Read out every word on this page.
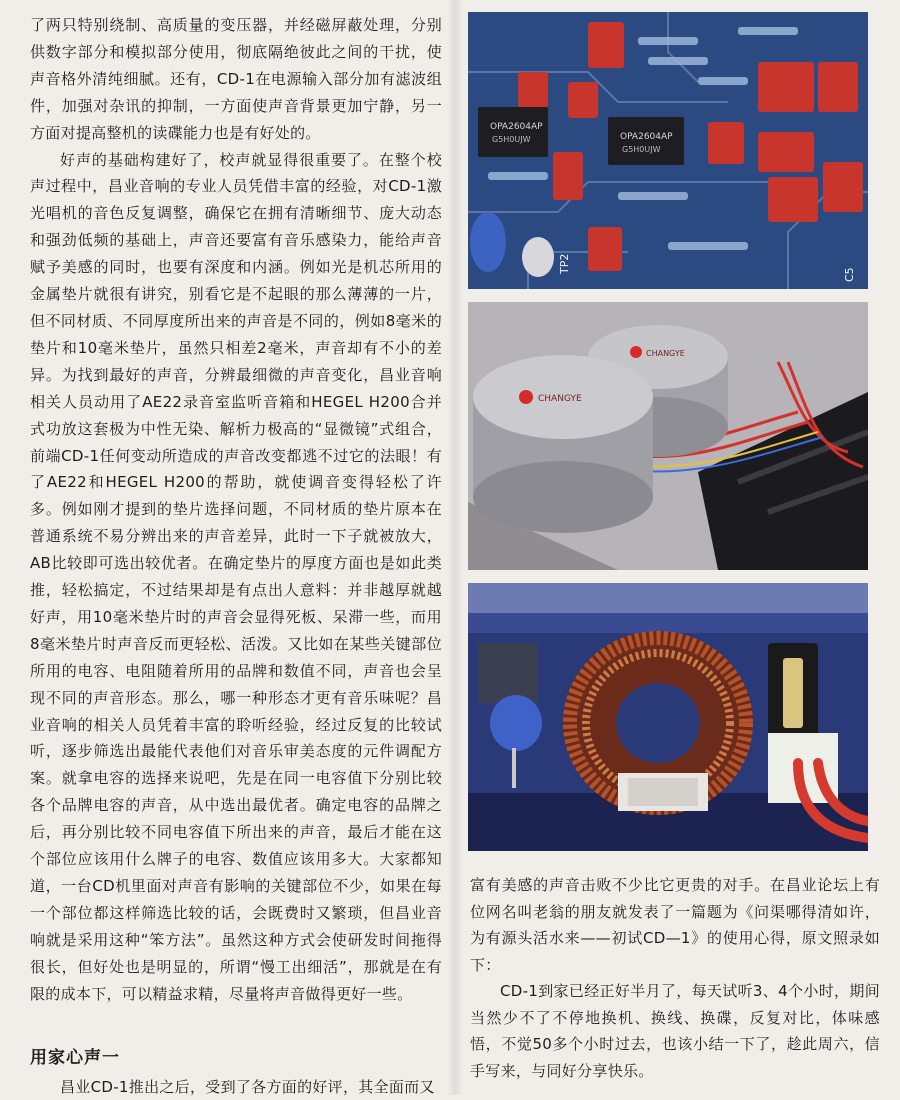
了两只特别绕制、高质量的变压器，并经磁屏蔽处理，分别供数字部分和模拟部分使用，彻底隔绝彼此之间的干扰，使声音格外清纯细腻。还有，CD-1在电源输入部分加有滤波组件，加强对杂讯的抑制，一方面使声音背景更加宁静，另一方面对提高整机的读碟能力也是有好处的。

好声的基础构建好了，校声就显得很重要了。在整个校声过程中，昌业音响的专业人员凭借丰富的经验，对CD-1激光唱机的音色反复调整，确保它在拥有清晰细节、庞大动态和强劲低频的基础上，声音还要富有音乐感染力，能给声音赋予美感的同时，也要有深度和内涵。例如光是机芯所用的金属垫片就很有讲究，别看它是不起眼的那么薄薄的一片，但不同材质、不同厚度所出来的声音是不同的，例如8毫米的垫片和10毫米垫片，虽然只相差2毫米，声音却有不小的差异。为找到最好的声音，分辨最细微的声音变化，昌业音响相关人员动用了AE22录音室监听音箱和HEGEL H200合并式功放这套极为中性无染、解析力极高的“显微镜”式组合，前端CD-1任何变动所造成的声音改变都逃不过它的法眼！有了AE22和HEGEL H200的帮助，就使调音变得轻松了许多。例如刚才提到的垫片选择问题，不同材质的垫片原本在普通系统不易分辨出来的声音差异，此时一下子就被放大，AB比较即可选出较优者。在确定垫片的厚度方面也是如此类推，轻松搞定，不过结果却是有点出人意料：并非越厚就越好声，用10毫米垫片时的声音会显得死板、呆滞一些，而用8毫米垫片时声音反而更轻松、活泼。又比如在某些关键部位所用的电容、电阻随着所用的品牌和数值不同，声音也会呈现不同的声音形态。那么，哪一种形态才更有音乐味呢？昌业音响的相关人员凭着丰富的聆听经验，经过反复的比较试听，逐步筛选出最能代表他们对音乐审美态度的元件调配方案。就拿电容的选择来说吧，先是在同一电容值下分别比较各个品牌电容的声音，从中选出最优者。确定电容的品牌之后，再分别比较不同电容值下所出来的声音，最后才能在这个部位应该用什么牌子的电容、数值应该用多大。大家都知道，一台CD机里面对声音有影响的关键部位不少，如果在每一个部位都这样筛选比较的话，会既费时又繁琐，但昌业音响就是采用这种“笨方法”。虽然这种方式会使研发时间拖得很长，但好处也是明显的，所谓“慢工出细活”，那就是在有限的成本下，可以精益求精，尽量将声音做得更好一些。

用家心声一

昌业CD-1推出之后，受到了各方面的好评，其全面而又

OPA2604AP
G5H0UJW	OPA2604AP
G5H0UJW
TP2
C5
CHANGYE
CHANGYE

富有美感的声音击败不少比它更贵的对手。在昌业论坛上有位网名叫老翁的朋友就发表了一篇题为《问渠哪得清如许，为有源头活水来——初试CD—1》的使用心得，原文照录如下：

CD-1到家已经正好半月了，每天试听3、4个小时，期间当然少不了不停地换机、换线、换碟，反复对比，体味感悟，不觉50多个小时过去，也该小结一下了，趁此周六，信手写来，与同好分享快乐。
